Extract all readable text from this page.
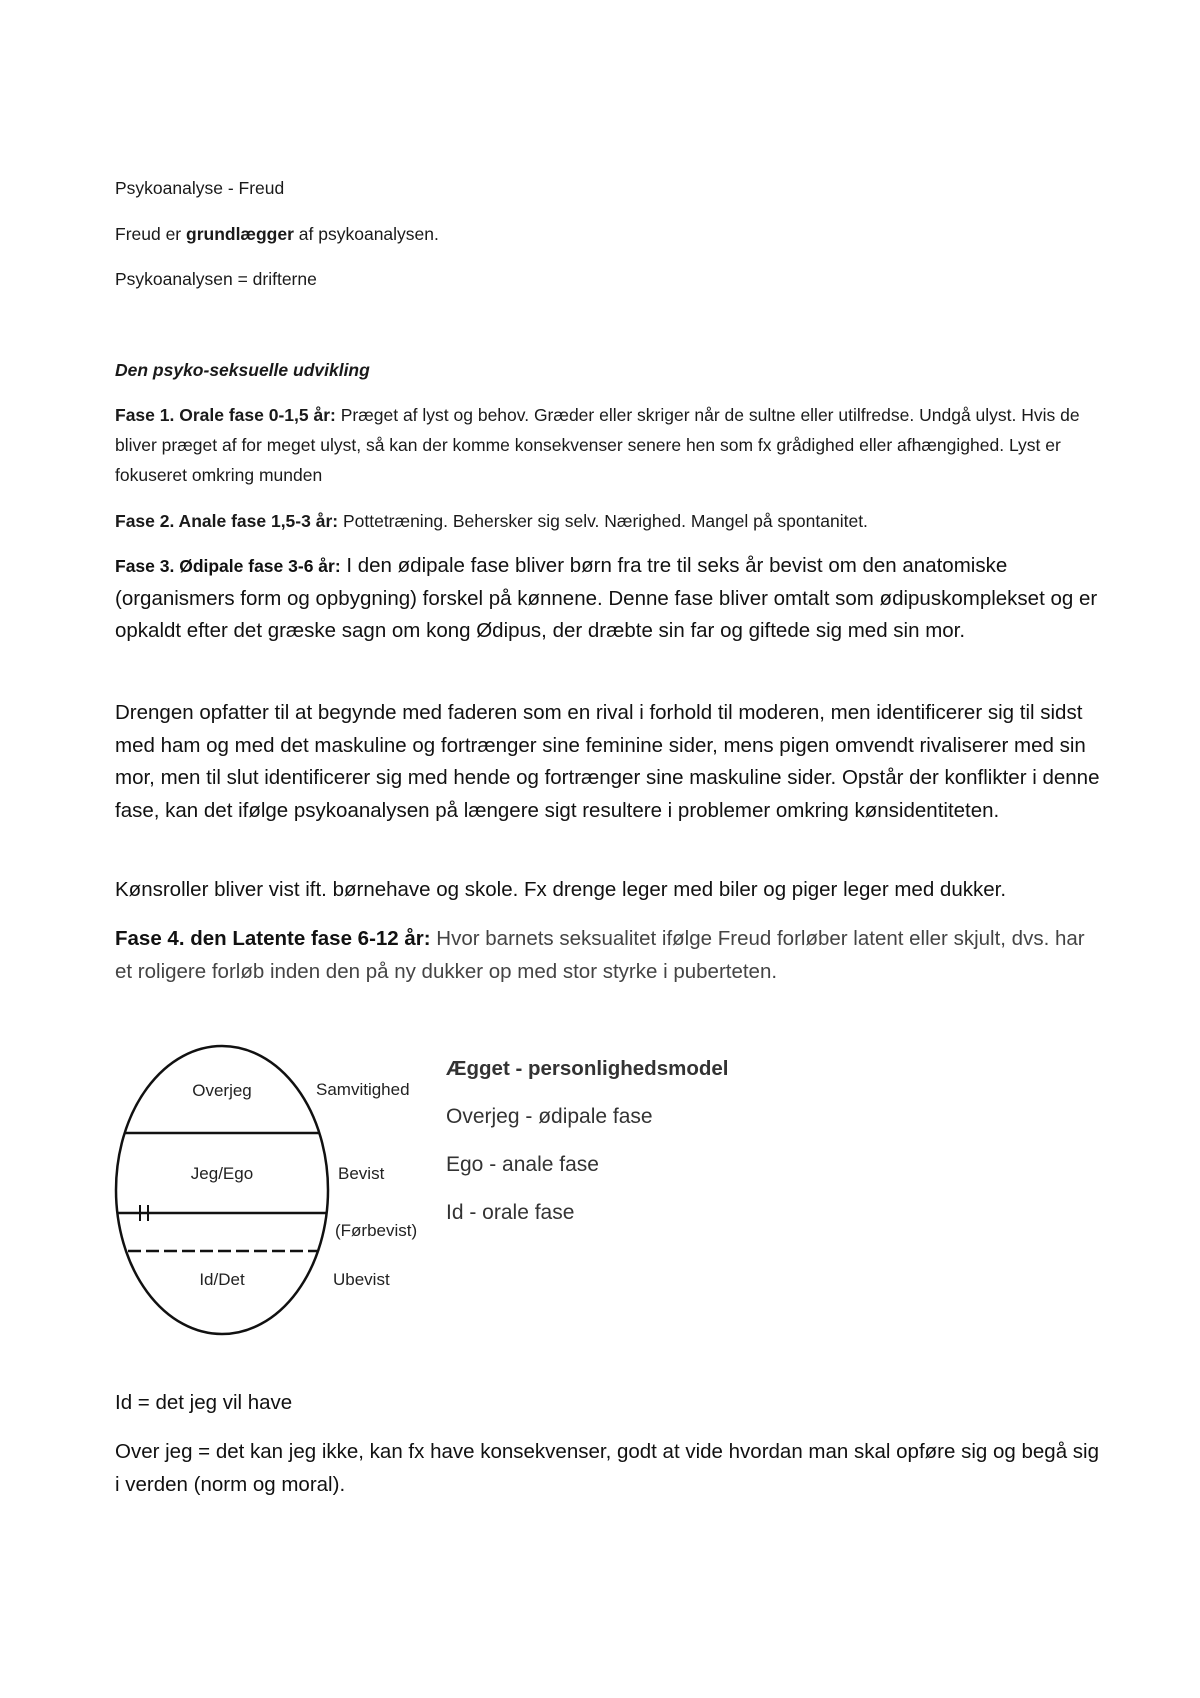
Psykoanalyse - Freud

Freud er grundlægger af psykoanalysen.

Psykoanalysen = drifterne

Den psyko-seksuelle udvikling

Fase 1. Orale fase 0-1,5 år: Præget af lyst og behov. Græder eller skriger når de sultne eller utilfredse. Undgå ulyst. Hvis de bliver præget af for meget ulyst, så kan der komme konsekvenser senere hen som fx grådighed eller afhængighed. Lyst er fokuseret omkring munden

Fase 2. Anale fase 1,5-3 år: Pottetræning. Behersker sig selv. Nærighed. Mangel på spontanitet.

Fase 3. Ødipale fase 3-6 år: I den ødipale fase bliver børn fra tre til seks år bevist om den anatomiske (organismers form og opbygning) forskel på kønnene. Denne fase bliver omtalt som ødipuskomplekset og er opkaldt efter det græske sagn om kong Ødipus, der dræbte sin far og giftede sig med sin mor.

Drengen opfatter til at begynde med faderen som en rival i forhold til moderen, men identificerer sig til sidst med ham og med det maskuline og fortrænger sine feminine sider, mens pigen omvendt rivaliserer med sin mor, men til slut identificerer sig med hende og fortrænger sine maskuline sider. Opstår der konflikter i denne fase, kan det ifølge psykoanalysen på længere sigt resultere i problemer omkring kønsidentiteten.

Kønsroller bliver vist ift. børnehave og skole. Fx drenge leger med biler og piger leger med dukker.

Fase 4. den Latente fase 6-12 år: Hvor barnets seksualitet ifølge Freud forløber latent eller skjult, dvs. har et roligere forløb inden den på ny dukker op med stor styrke i puberteten.

Overjeg
Jeg/Ego
Id/Det
Samvitighed
Bevist
(Førbevist)
Ubevist

Ægget - personlighedsmodel

Overjeg - ødipale fase

Ego - anale fase

Id - orale fase

Id = det jeg vil have

Over jeg = det kan jeg ikke, kan fx have konsekvenser, godt at vide hvordan man skal opføre sig og begå sig i verden (norm og moral).
